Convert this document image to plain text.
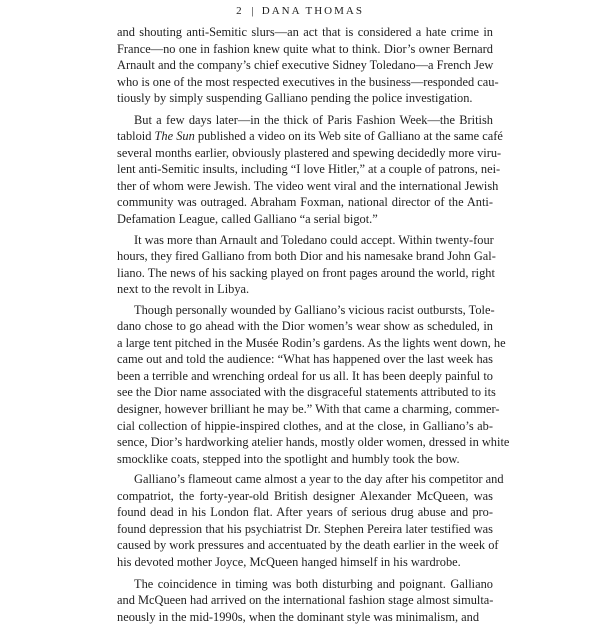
2 | DANA THOMAS
and shouting anti-Semitic slurs—an act that is considered a hate crime in
France—no one in fashion knew quite what to think. Dior’s owner Bernard
Arnault and the company’s chief executive Sidney Toledano—a French Jew
who is one of the most respected executives in the business—responded cau-
tiously by simply suspending Galliano pending the police investigation.
But a few days later—in the thick of Paris Fashion Week—the British
tabloid The Sun published a video on its Web site of Galliano at the same café
several months earlier, obviously plastered and spewing decidedly more viru-
lent anti-Semitic insults, including “I love Hitler,” at a couple of patrons, nei-
ther of whom were Jewish. The video went viral and the international Jewish
community was outraged. Abraham Foxman, national director of the Anti-
Defamation League, called Galliano “a serial bigot.”
It was more than Arnault and Toledano could accept. Within twenty-four
hours, they fired Galliano from both Dior and his namesake brand John Gal-
liano. The news of his sacking played on front pages around the world, right
next to the revolt in Libya.
Though personally wounded by Galliano’s vicious racist outbursts, Tole-
dano chose to go ahead with the Dior women’s wear show as scheduled, in
a large tent pitched in the Musée Rodin’s gardens. As the lights went down, he
came out and told the audience: “What has happened over the last week has
been a terrible and wrenching ordeal for us all. It has been deeply painful to
see the Dior name associated with the disgraceful statements attributed to its
designer, however brilliant he may be.” With that came a charming, commer-
cial collection of hippie-inspired clothes, and at the close, in Galliano’s ab-
sence, Dior’s hardworking atelier hands, mostly older women, dressed in white
smocklike coats, stepped into the spotlight and humbly took the bow.
Galliano’s flameout came almost a year to the day after his competitor and
compatriot, the forty-year-old British designer Alexander McQueen, was
found dead in his London flat. After years of serious drug abuse and pro-
found depression that his psychiatrist Dr. Stephen Pereira later testified was
caused by work pressures and accentuated by the death earlier in the week of
his devoted mother Joyce, McQueen hanged himself in his wardrobe.
The coincidence in timing was both disturbing and poignant. Galliano
and McQueen had arrived on the international fashion stage almost simulta-
neously in the mid-1990s, when the dominant style was minimalism, and
